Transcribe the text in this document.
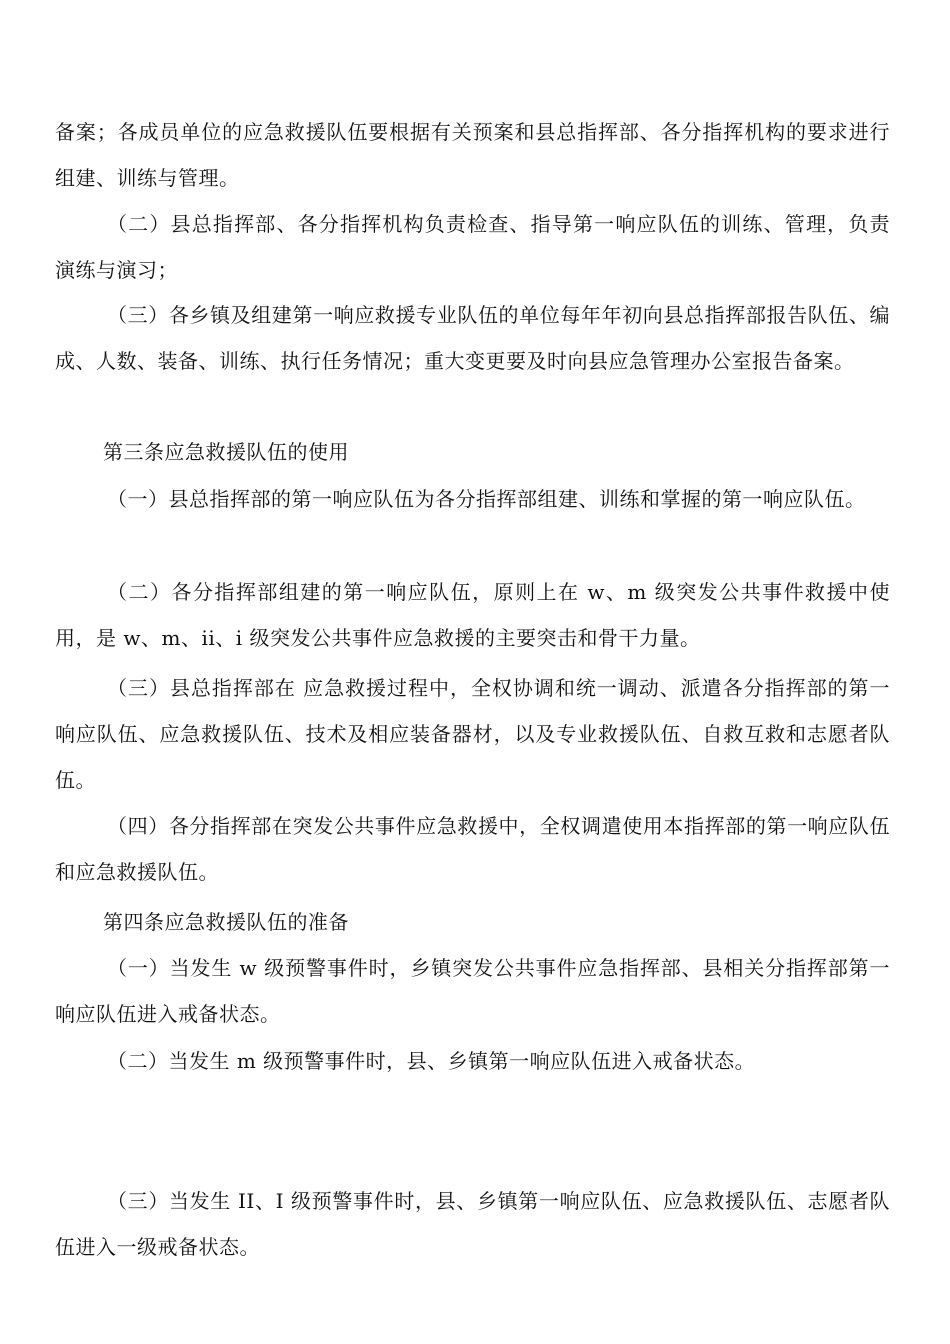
备案；各成员单位的应急救援队伍要根据有关预案和县总指挥部、各分指挥机构的要求进行组建、训练与管理。

（二）县总指挥部、各分指挥机构负责检查、指导第一响应队伍的训练、管理，负责 演练与演习；

（三）各乡镇及组建第一响应救援专业队伍的单位每年年初向县总指挥部报告队伍、编成、人数、装备、训练、执行任务情况；重大变更要及时向县应急管理办公室报告备案。

第三条应急救援队伍的使用

（一）县总指挥部的第一响应队伍为各分指挥部组建、训练和掌握的第一响应队伍。

（二）各分指挥部组建的第一响应队伍，原则上在 w、m 级突发公共事件救援中使用，是 w、m、ii、i 级突发公共事件应急救援的主要突击和骨干力量。

（三）县总指挥部在 应急救援过程中，全权协调和统一调动、派遣各分指挥部的第一响应队伍、应急救援队伍、技术及相应装备器材，以及专业救援队伍、自救互救和志愿者队伍。

（四）各分指挥部在突发公共事件应急救援中，全权调遣使用本指挥部的第一响应队伍和应急救援队伍。

第四条应急救援队伍的准备

（一）当发生 w 级预警事件时，乡镇突发公共事件应急指挥部、县相关分指挥部第一响应队伍进入戒备状态。

（二）当发生 m 级预警事件时，县、乡镇第一响应队伍进入戒备状态。

（三）当发生 II、I 级预警事件时，县、乡镇第一响应队伍、应急救援队伍、志愿者队伍进入一级戒备状态。
